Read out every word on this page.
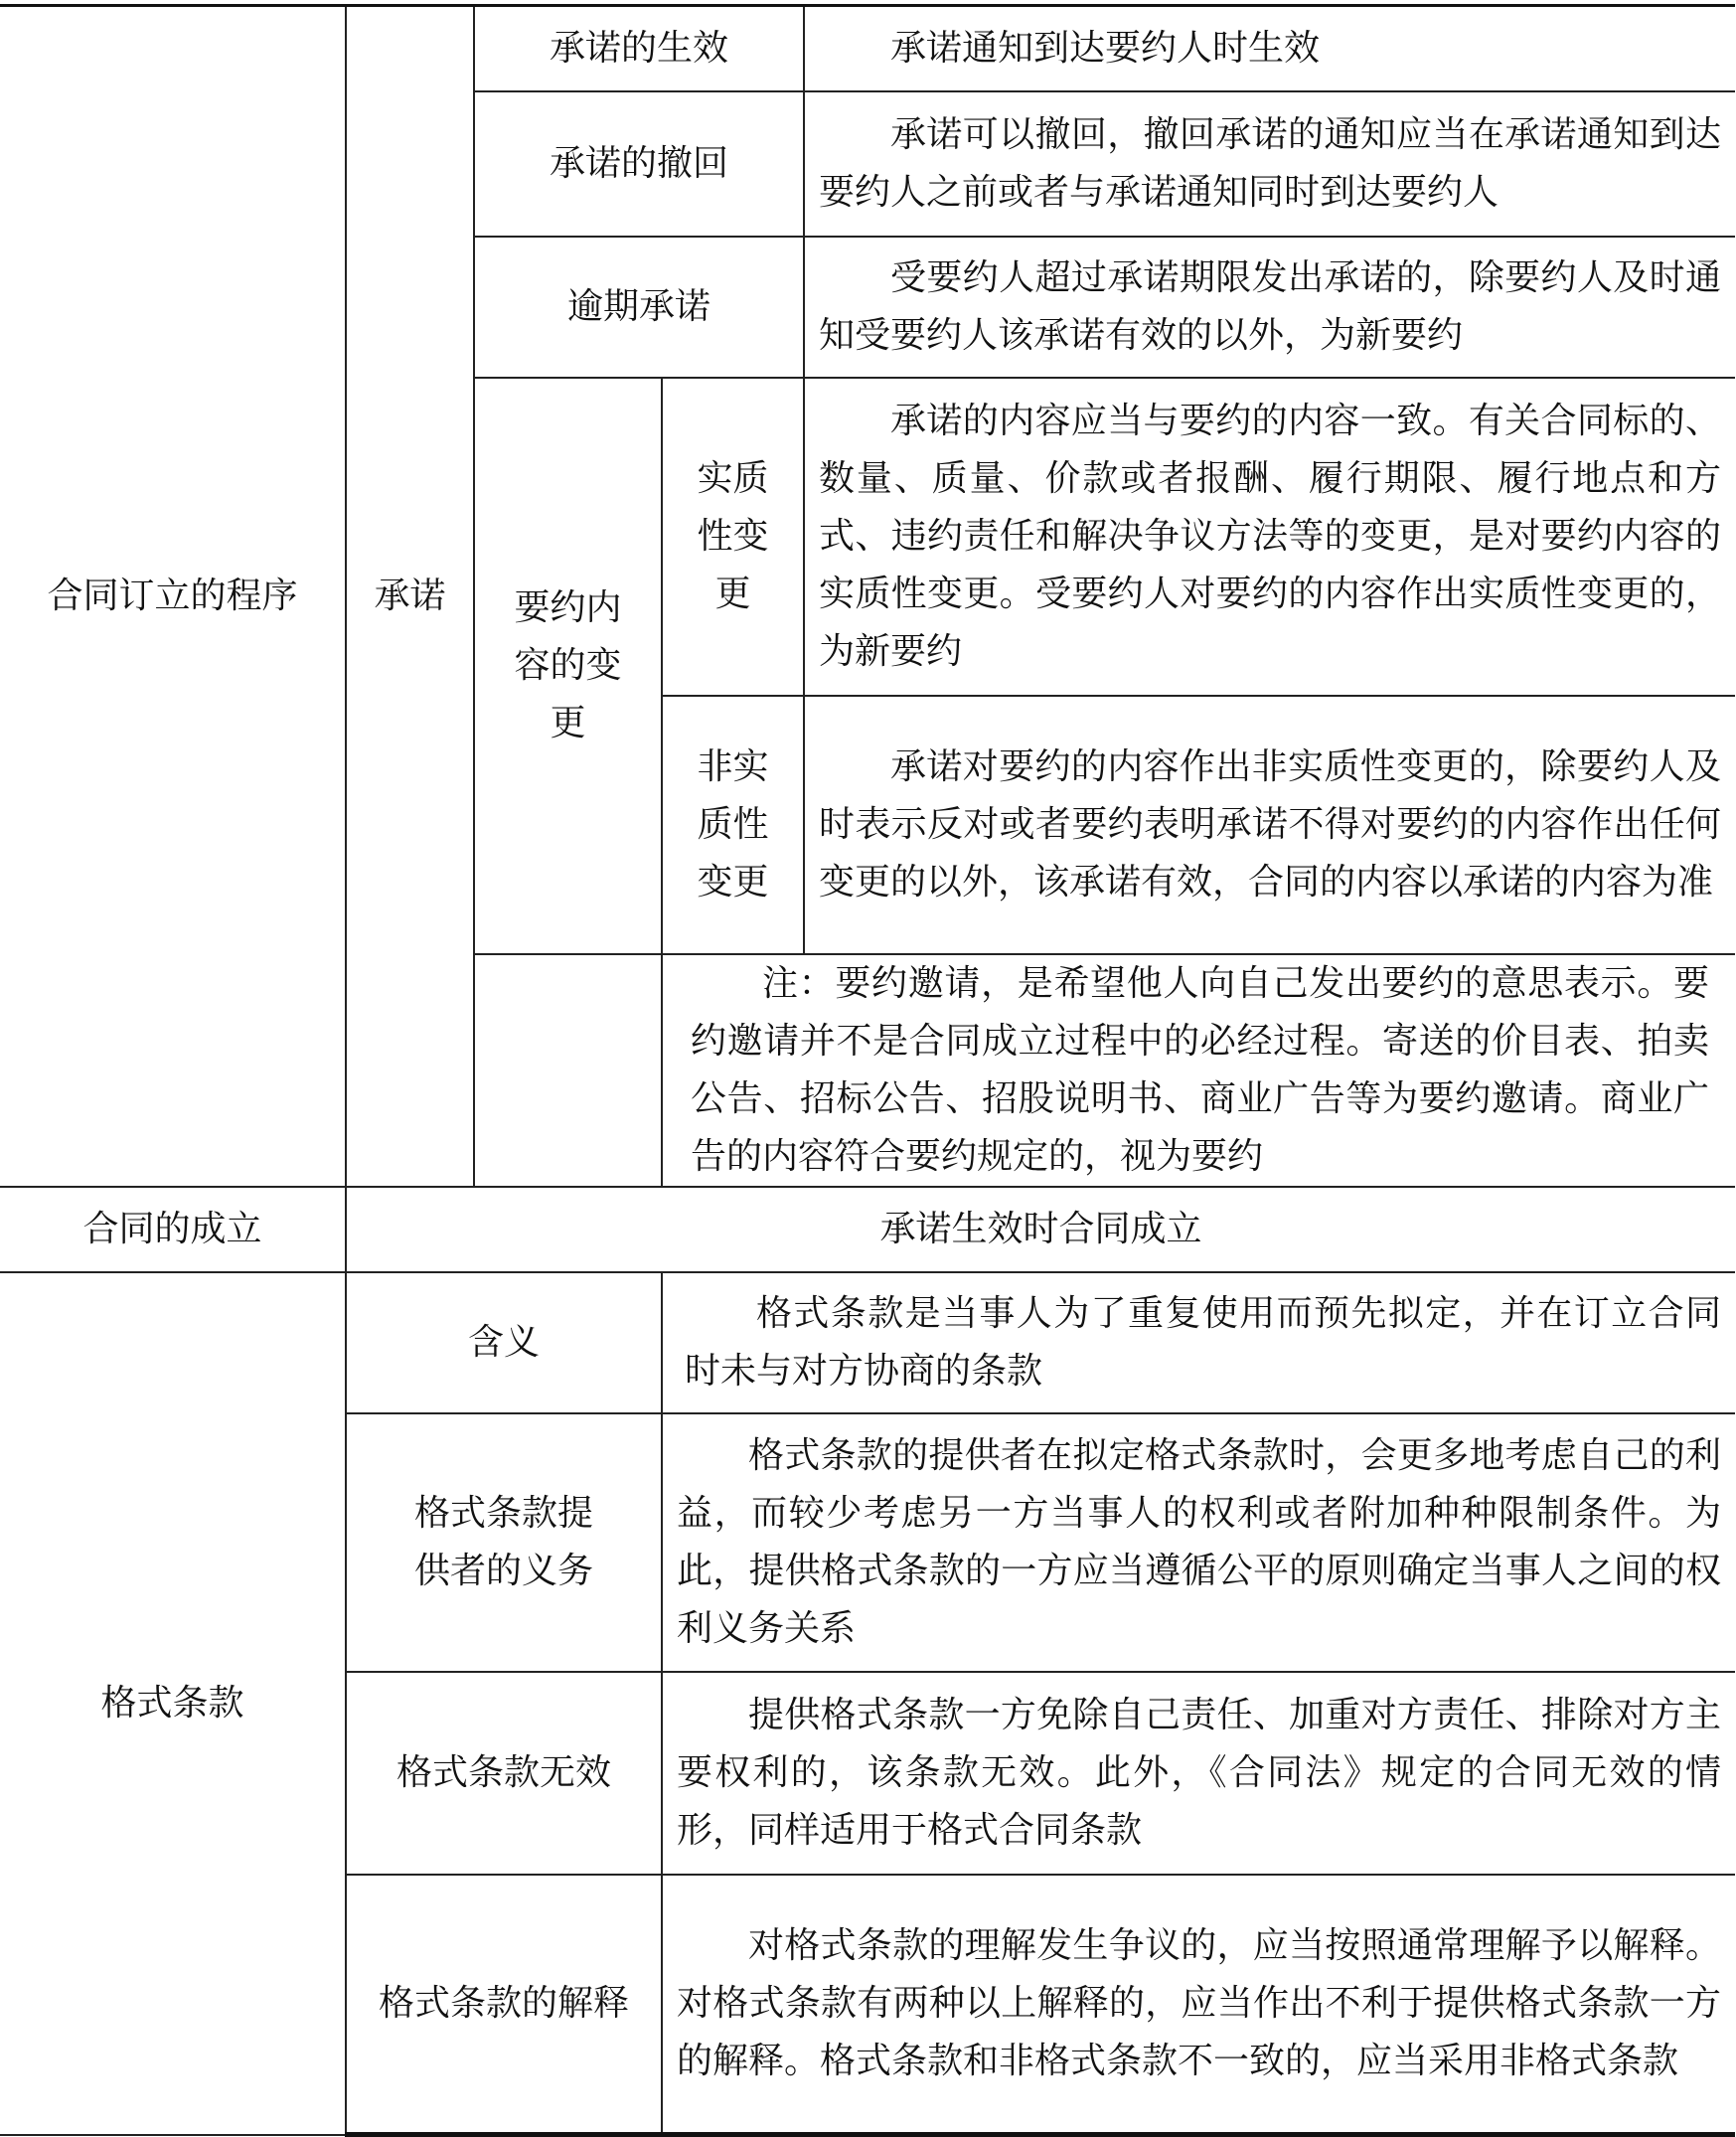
合同订立的程序	承诺	承诺的生效		承诺通知到达要约人时生效
		承诺的撤回		承诺可以撤回，撤回承诺的通知应当在承诺通知到达要约人之前或者与承诺通知同时到达要约人
		逾期承诺		受要约人超过承诺期限发出承诺的，除要约人及时通知受要约人该承诺有效的以外，为新要约
		要约内容的变更	实质性变更	承诺的内容应当与要约的内容一致。有关合同标的、数量、质量、价款或者报酬、履行期限、履行地点和方式、违约责任和解决争议方法等的变更，是对要约内容的实质性变更。受要约人对要约的内容作出实质性变更的，为新要约
			非实质性变更	承诺对要约的内容作出非实质性变更的，除要约人及时表示反对或者要约表明承诺不得对要约的内容作出任何变更的以外，该承诺有效，合同的内容以承诺的内容为准
			注：要约邀请，是希望他人向自己发出要约的意思表示。要约邀请并不是合同成立过程中的必经过程。寄送的价目表、拍卖公告、招标公告、招股说明书、商业广告等为要约邀请。商业广告的内容符合要约规定的，视为要约	
合同的成立	承诺生效时合同成立			
格式条款	含义		格式条款是当事人为了重复使用而预先拟定，并在订立合同时未与对方协商的条款	
	格式条款提供者的义务		格式条款的提供者在拟定格式条款时，会更多地考虑自己的利益，而较少考虑另一方当事人的权利或者附加种种限制条件。为此，提供格式条款的一方应当遵循公平的原则确定当事人之间的权利义务关系	
	格式条款无效		提供格式条款一方免除自己责任、加重对方责任、排除对方主要权利的，该条款无效。此外，《合同法》规定的合同无效的情形，同样适用于格式合同条款	
	格式条款的解释		对格式条款的理解发生争议的，应当按照通常理解予以解释。对格式条款有两种以上解释的，应当作出不利于提供格式条款一方的解释。格式条款和非格式条款不一致的，应当采用非格式条款	
